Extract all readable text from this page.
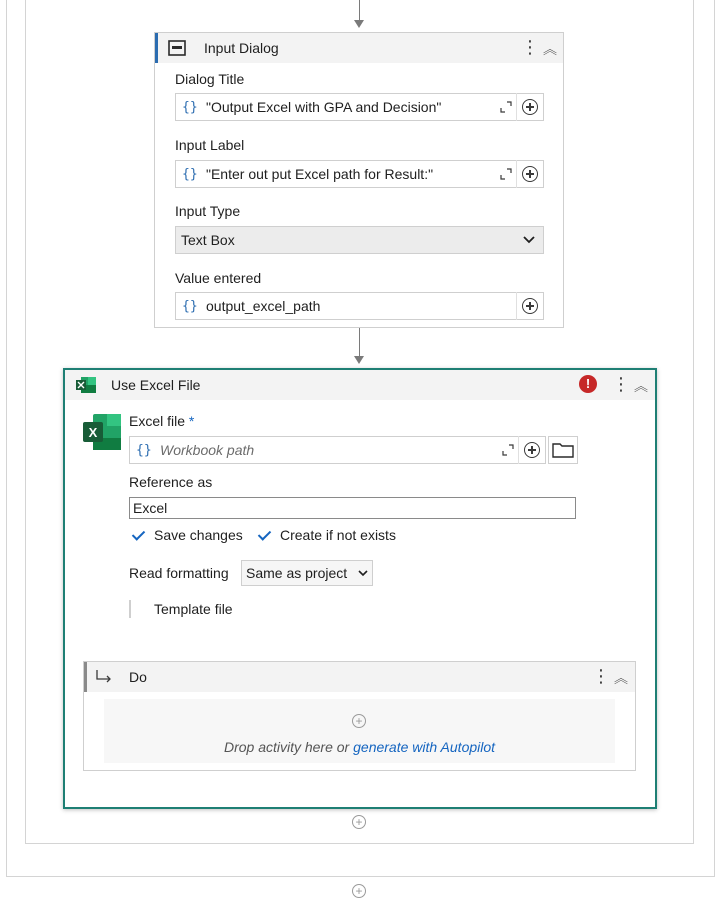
Input Dialog	⋮ ︽
Dialog Title
{} "Output Excel with GPA and Decision"
Input Label
{} "Enter out put Excel path for Result:"
Input Type
Text Box
Value entered
{} output_excel_path
Use Excel File	!	⋮ ︽
X
Excel file *
{} Workbook path
Reference as
Excel
Save changes	Create if not exists
Read formatting Same as project
Template file
Do	⋮ ︽
+
Drop activity here or generate with Autopilot
+
+
